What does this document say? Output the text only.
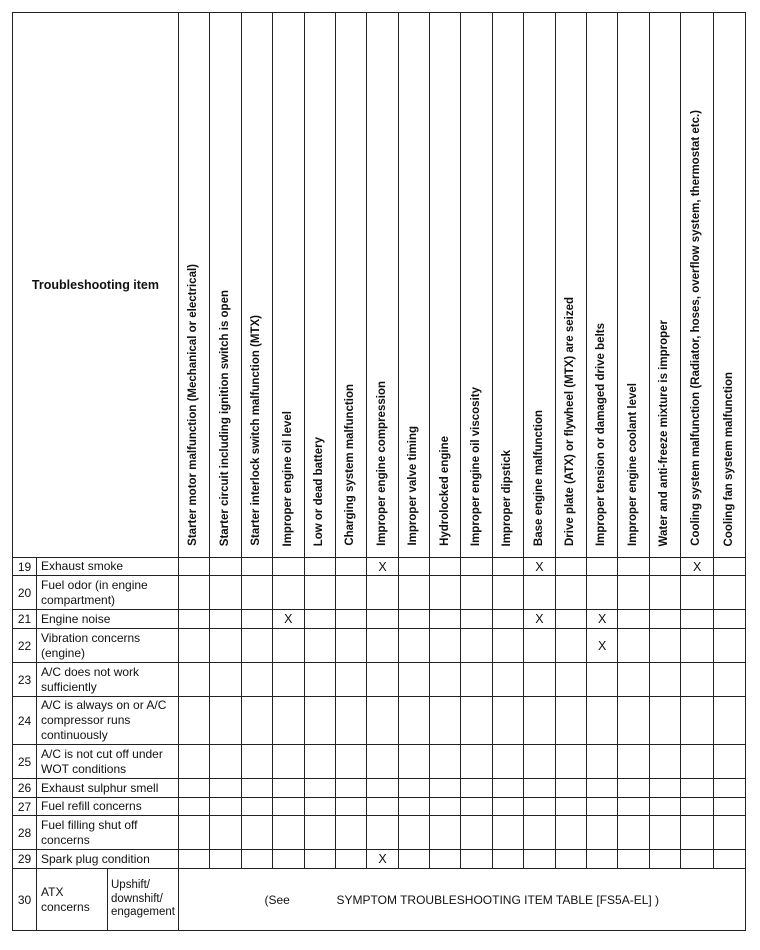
Troubleshooting item			Starter motor malfunction (Mechanical or electrical)	Starter circuit including ignition switch is open	Starter interlock switch malfunction (MTX)	Improper engine oil level	Low or dead battery	Charging system malfunction	Improper engine compression	Improper valve timing	Hydrolocked engine	Improper engine oil viscosity	Improper dipstick	Base engine malfunction	Drive plate (ATX) or flywheel (MTX) are seized	Improper tension or damaged drive belts	Improper engine coolant level	Water and anti-freeze mixture is improper	Cooling system malfunction (Radiator, hoses, overflow system, thermostat etc.)	Cooling fan system malfunction
19	Exhaust smoke								X					X					X	
20	Fuel odor (in engine compartment)																			
21	Engine noise					X								X		X				
22	Vibration concerns (engine)															X				
23	A/C does not work sufficiently																			
24	A/C is always on or A/C compressor runs continuously																			
25	A/C is not cut off under WOT conditions																			
26	Exhaust sulphur smell																			
27	Fuel refill concerns																			
28	Fuel filling shut off concerns																			
29	Spark plug condition								X											
30	ATX concerns	Upshift/ downshift/ engagement	(See SYMPTOM TROUBLESHOOTING ITEM TABLE [FS5A-EL] )																	
